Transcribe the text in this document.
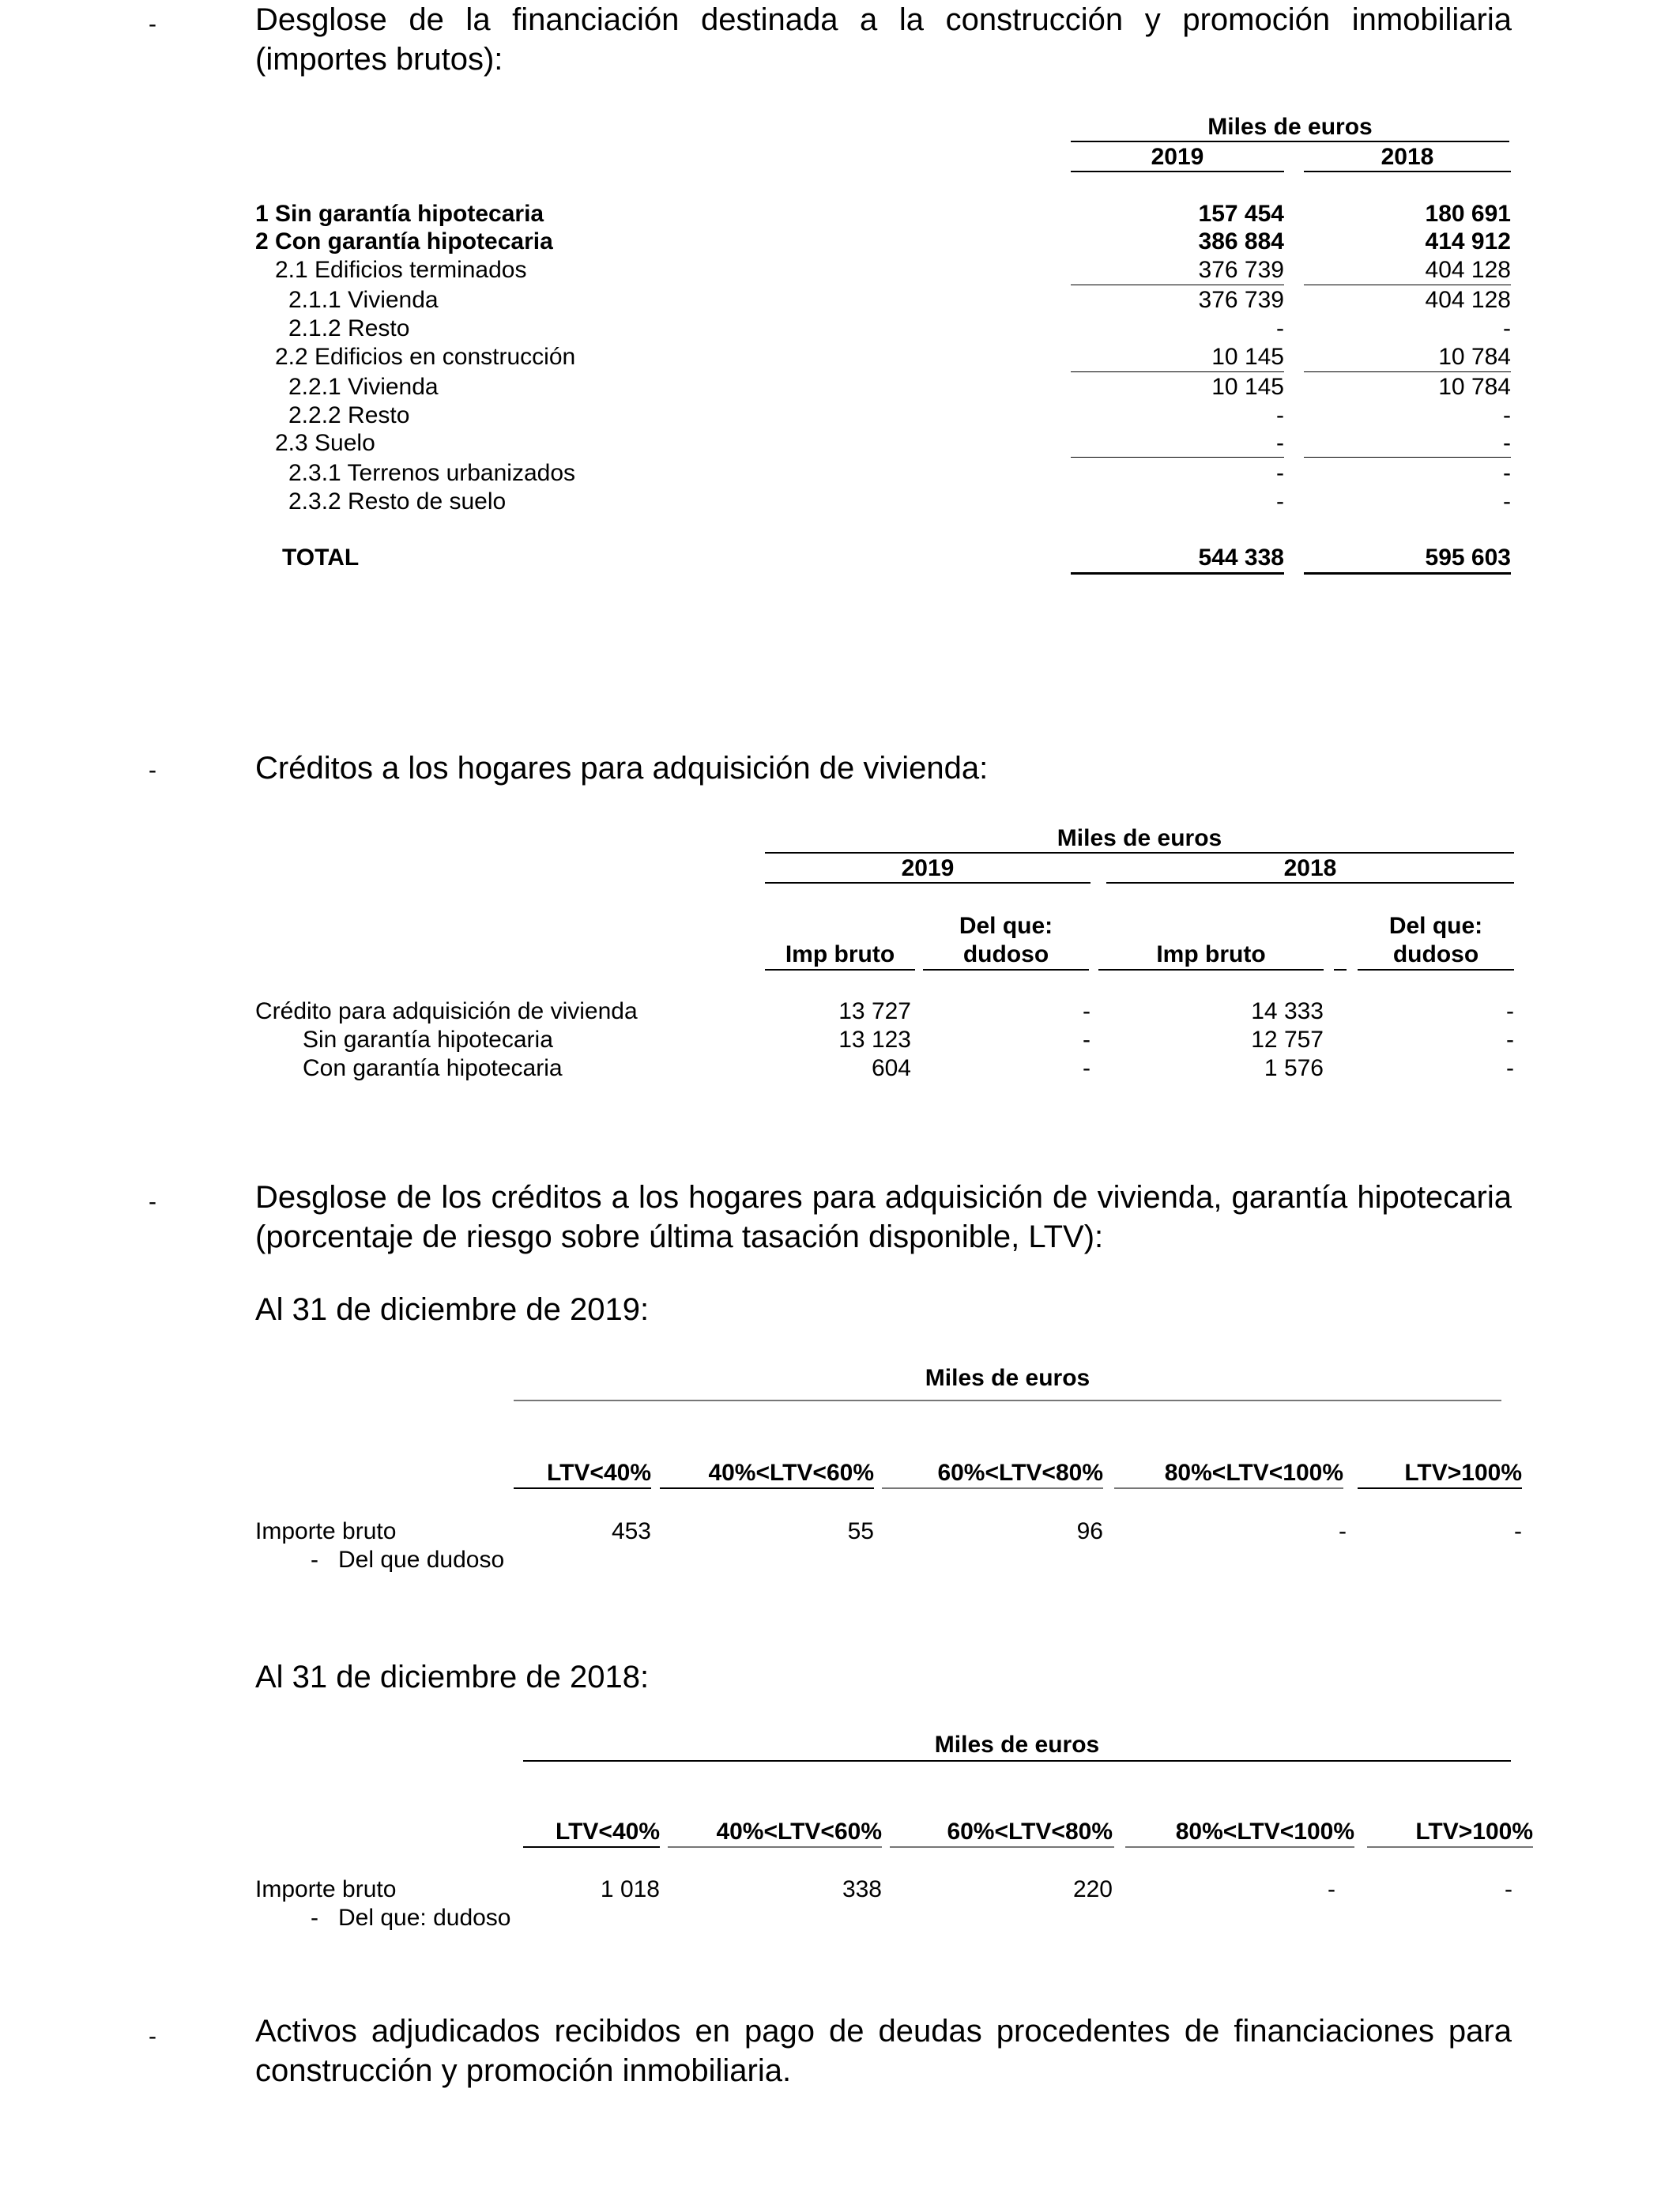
-	Desglose de la financiación destinada a la construcción y promoción inmobiliaria (importes brutos):
Miles de euros
2019	2018
1 Sin garantía hipotecaria	157 454	180 691
2 Con garantía hipotecaria	386 884	414 912
2.1 Edificios terminados	376 739	404 128
2.1.1 Vivienda	376 739	404 128
2.1.2 Resto	-	-
2.2 Edificios en construcción	10 145	10 784
2.2.1 Vivienda	10 145	10 784
2.2.2 Resto	-	-
2.3 Suelo	-	-
2.3.1 Terrenos urbanizados	-	-
2.3.2 Resto de suelo	-	-
TOTAL	544 338	595 603
-	Créditos a los hogares para adquisición de vivienda:
Miles de euros
2019	2018
Del que:	Del que:
Imp bruto	dudoso	Imp bruto	dudoso
Crédito para adquisición de vivienda	13 727	-	14 333	-
Sin garantía hipotecaria	13 123	-	12 757	-
Con garantía hipotecaria	604	-	1 576	-
-	Desglose de los créditos a los hogares para adquisición de vivienda, garantía hipotecaria (porcentaje de riesgo sobre última tasación disponible, LTV):
Al 31 de diciembre de 2019:
Miles de euros
LTV<40%	40%<LTV<60%	60%<LTV<80%	80%<LTV<100%	LTV>100%
Importe bruto	453	55	96	-	-
-   Del que dudoso
Al 31 de diciembre de 2018:
Miles de euros
LTV<40%	40%<LTV<60%	60%<LTV<80%	80%<LTV<100%	LTV>100%
Importe bruto	1 018	338	220	-	-
-   Del que: dudoso
-	Activos adjudicados recibidos en pago de deudas procedentes de financiaciones para construcción y promoción inmobiliaria.
